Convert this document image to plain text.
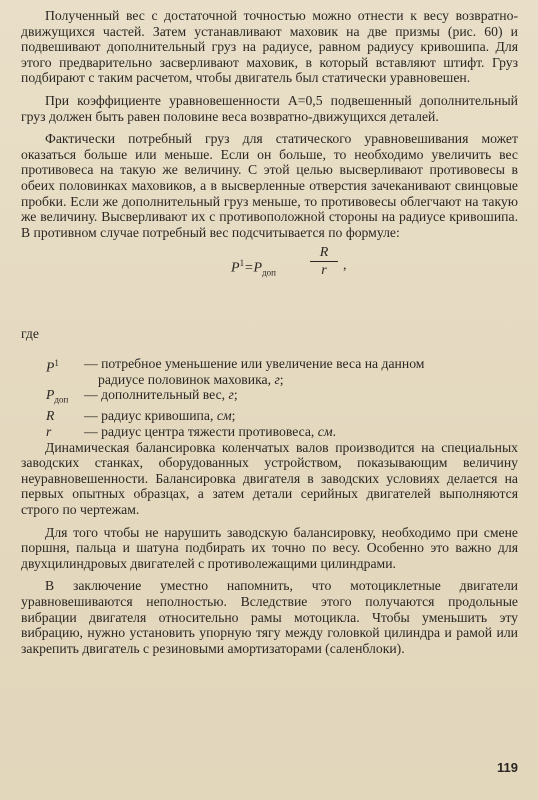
Полученный вес с достаточной точностью можно отнести к весу возвратно-движущихся частей. Затем устанавливают маховик на две призмы (рис. 60) и подвешивают дополнительный груз на радиусе, равном радиусу кривошипа. Для этого предварительно засверливают маховик, в который вставляют штифт. Груз подбирают с таким расчетом, чтобы двигатель был статически уравновешен.

При коэффициенте уравновешенности А=0,5 подвешенный дополнительный груз должен быть равен половине веса возвратно-движущихся деталей.

Фактически потребный груз для статического уравновешивания может оказаться больше или меньше. Если он больше, то необходимо увеличить вес противовеса на такую же величину. С этой целью высверливают противовесы в обеих половинках маховиков, а в высверленные отверстия зачеканивают свинцовые пробки. Если же дополнительный груз меньше, то противовесы облегчают на такую же величину. Высверливают их с противоположной стороны на радиусе кривошипа. В противном случае потребный вес подсчитывается по формуле:

$P^1=P_{доп} \frac{R}{r}$ ,
где
$P^1$	— потребное уменьшение или увеличение веса на данном
радиусе половинок маховика, г;
$P_{доп}$	— дополнительный вес, г;
R	— радиус кривошипа, см;
r	— радиус центра тяжести противовеса, см.

Динамическая балансировка коленчатых валов производится на специальных заводских станках, оборудованных устройством, показывающим величину неуравновешенности. Балансировка двигателя в заводских условиях делается на первых опытных образцах, а затем детали серийных двигателей выполняются строго по чертежам.

Для того чтобы не нарушить заводскую балансировку, необходимо при смене поршня, пальца и шатуна подбирать их точно по весу. Особенно это важно для двухцилиндровых двигателей с противолежащими цилиндрами.

В заключение уместно напомнить, что мотоциклетные двигатели уравновешиваются неполностью. Вследствие этого получаются продольные вибрации двигателя относительно рамы мотоцикла. Чтобы уменьшить эту вибрацию, нужно установить упорную тягу между головкой цилиндра и рамой или закрепить двигатель с резиновыми амортизаторами (саленблоки).

119
